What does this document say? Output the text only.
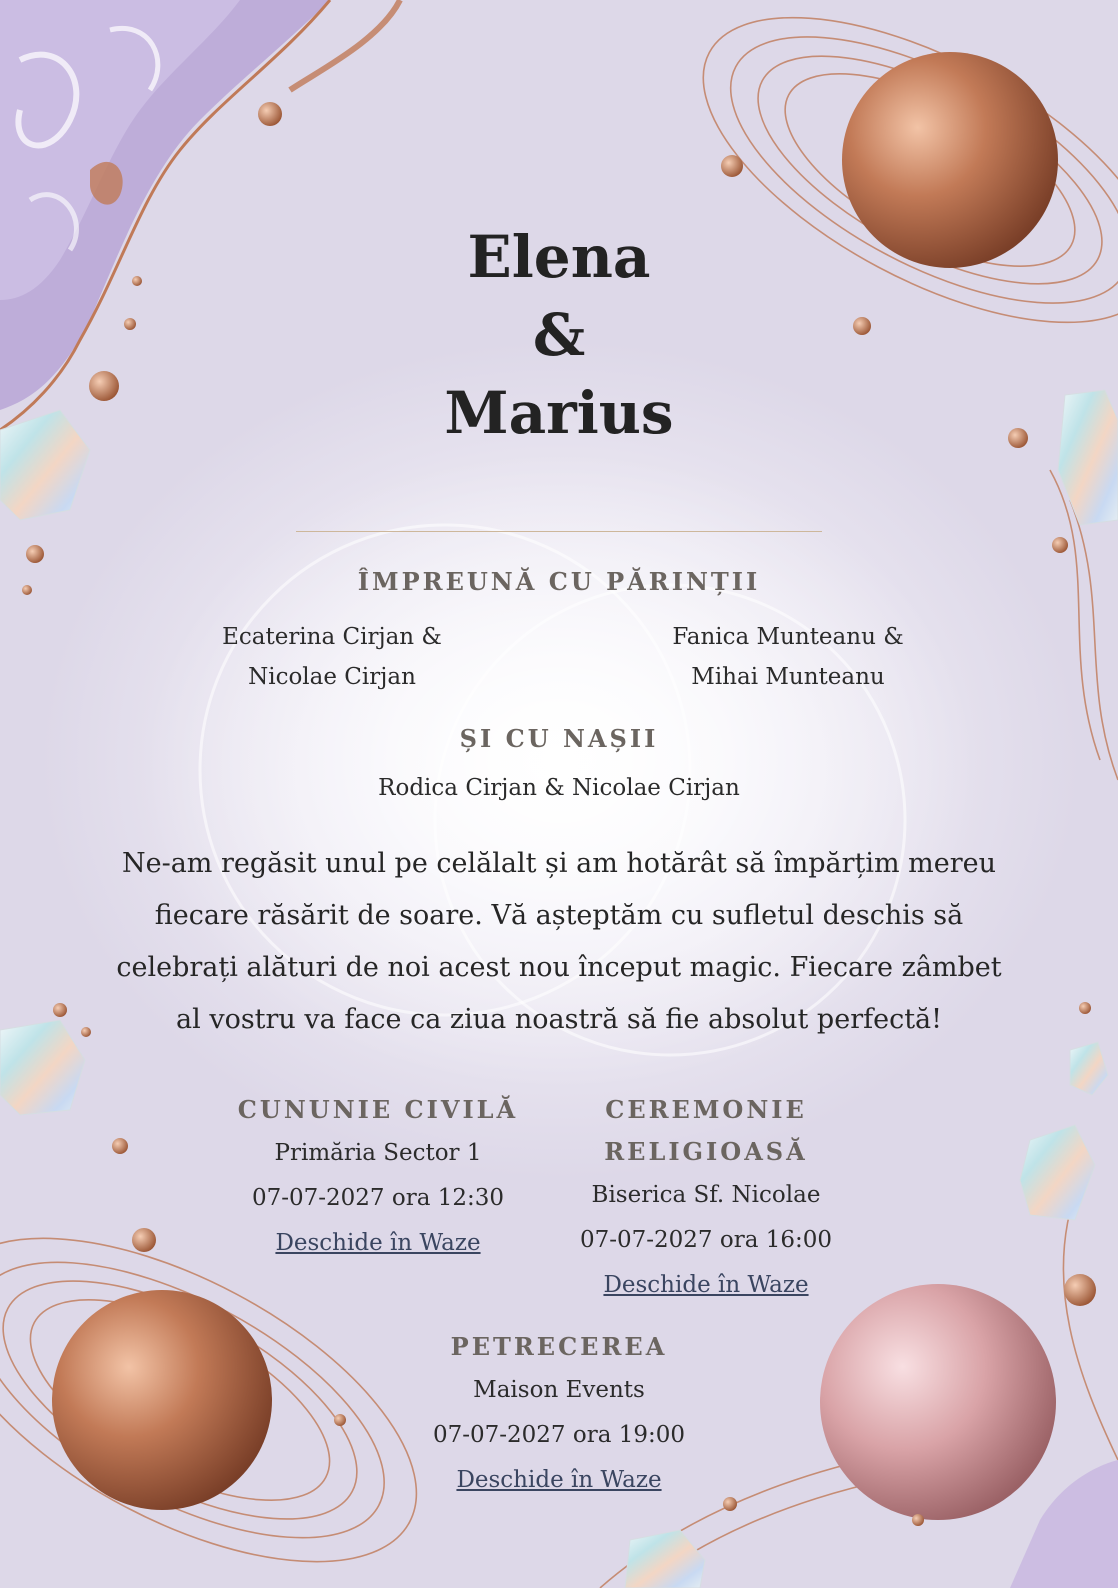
Elena
&
Marius
ÎMPREUNĂ CU PĂRINȚII
Ecaterina Cirjan &
Nicolae Cirjan
Fanica Munteanu &
Mihai Munteanu
ȘI CU NAȘII
Rodica Cirjan & Nicolae Cirjan
Ne-am regăsit unul pe celălalt și am hotărât să împărțim mereu fiecare răsărit de soare. Vă așteptăm cu sufletul deschis să celebrați alături de noi acest nou început magic. Fiecare zâmbet al vostru va face ca ziua noastră să fie absolut perfectă!
CUNUNIE CIVILĂ
Primăria Sector 1
07-07-2027 ora 12:30
Deschide în Waze
CEREMONIE
RELIGIOASĂ
Biserica Sf. Nicolae
07-07-2027 ora 16:00
Deschide în Waze
PETRECEREA
Maison Events
07-07-2027 ora 19:00
Deschide în Waze
